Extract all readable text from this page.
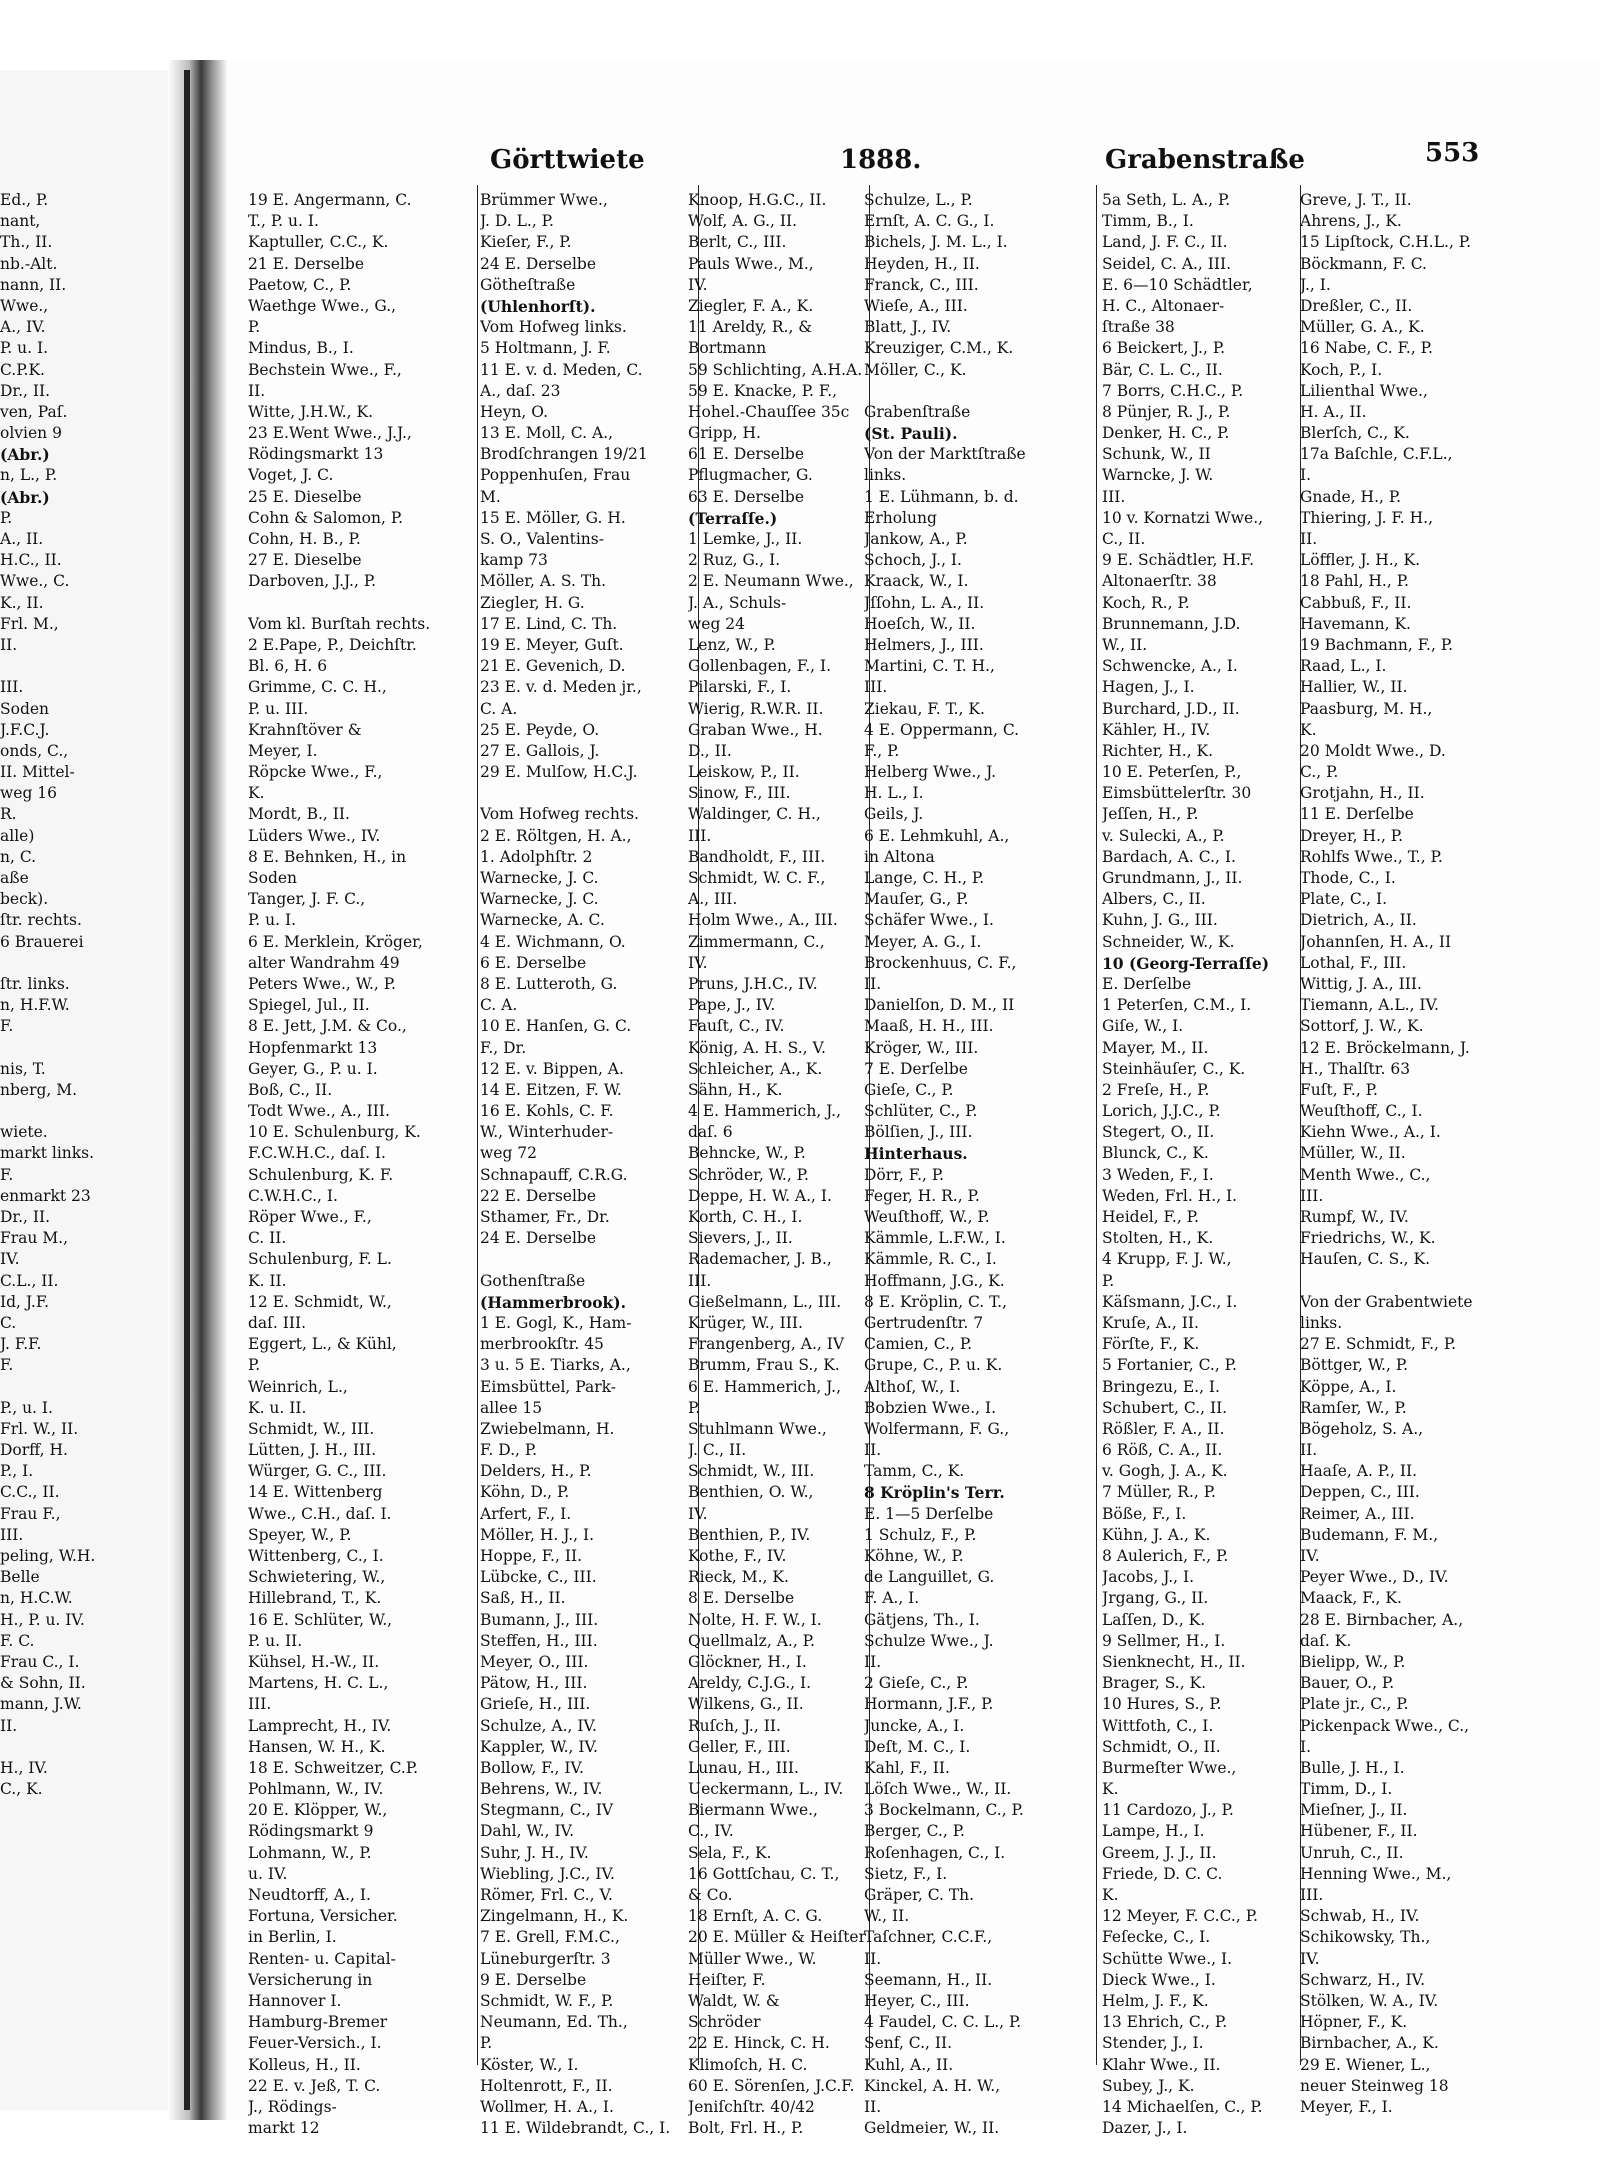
Görttwiete	1888.	Grabenstraße	553
Ed., P.
nant,
Th., II.
nb.-Alt.
nann, II.
Wwe.,
A., IV.
P. u. I.
C.P.K.
Dr., II.
ven, Paſ.
olvien 9
(Abr.)
n, L., P.
(Abr.)
P.
A., II.
H.C., II.
Wwe., C.
K., II.
Frl. M.,
II.
III.
Soden
J.F.C.J.
onds, C.,
II. Mittel-
weg 16
R.
alle)
n, C.
aße
beck).
ſtr. rechts.
6 Brauerei
ſtr. links.
n, H.F.W.
F.
nis, T.
nberg, M.
wiete.
markt links.
F.
enmarkt 23
Dr., II.
Frau M.,
IV.
C.L., II.
Id, J.F.
C.
J. F.F.
F.
P., u. I.
Frl. W., II.
Dorff, H.
P., I.
C.C., II.
Frau F.,
III.
peling, W.H.
Belle
n, H.C.W.
H., P. u. IV.
F. C.
Frau C., I.
& Sohn, II.
mann, J.W.
II.
H., IV.
C., K.
19 E. Angermann, C.
T., P. u. I.
Kaptuller, C.C., K.
21 E. Derselbe
Paetow, C., P.
Waethge Wwe., G.,
P.
Mindus, B., I.
Bechstein Wwe., F.,
II.
Witte, J.H.W., K.
23 E.Went Wwe., J.J.,
Rödingsmarkt 13
Voget, J. C.
25 E. Dieselbe
Cohn & Salomon, P.
Cohn, H. B., P.
27 E. Dieselbe
Darboven, J.J., P.
Vom kl. Burſtah rechts.
2 E.Pape, P., Deichſtr.
Bl. 6, H. 6
Grimme, C. C. H.,
P. u. III.
Krahnſtöver &
Meyer, I.
Röpcke Wwe., F.,
K.
Mordt, B., II.
Lüders Wwe., IV.
8 E. Behnken, H., in
Soden
Tanger, J. F. C.,
P. u. I.
6 E. Merklein, Kröger,
alter Wandrahm 49
Peters Wwe., W., P.
Spiegel, Jul., II.
8 E. Jett, J.M. & Co.,
Hopfenmarkt 13
Geyer, G., P. u. I.
Boß, C., II.
Todt Wwe., A., III.
10 E. Schulenburg, K.
F.C.W.H.C., daſ. I.
Schulenburg, K. F.
C.W.H.C., I.
Röper Wwe., F.,
C. II.
Schulenburg, F. L.
K. II.
12 E. Schmidt, W.,
daſ. III.
Eggert, L., & Kühl,
P.
Weinrich, L.,
K. u. II.
Schmidt, W., III.
Lütten, J. H., III.
Würger, G. C., III.
14 E. Wittenberg
Wwe., C.H., daſ. I.
Speyer, W., P.
Wittenberg, C., I.
Schwietering, W.,
Hillebrand, T., K.
16 E. Schlüter, W.,
P. u. II.
Kühsel, H.-W., II.
Martens, H. C. L.,
III.
Lamprecht, H., IV.
Hansen, W. H., K.
18 E. Schweitzer, C.P.
Pohlmann, W., IV.
20 E. Klöpper, W.,
Rödingsmarkt 9
Lohmann, W., P.
u. IV.
Neudtorff, A., I.
Fortuna, Versicher.
in Berlin, I.
Renten- u. Capital-
Versicherung in
Hannover I.
Hamburg-Bremer
Feuer-Versich., I.
Kolleus, H., II.
22 E. v. Jeß, T. C.
J., Rödings-
markt 12
Brümmer Wwe.,
J. D. L., P.
Kieſer, F., P.
24 E. Derselbe
Götheſtraße
(Uhlenhorſt).
Vom Hofweg links.
5 Holtmann, J. F.
11 E. v. d. Meden, C.
A., daſ. 23
Heyn, O.
13 E. Moll, C. A.,
Brodſchrangen 19/21
Poppenhuſen, Frau
M.
15 E. Möller, G. H.
S. O., Valentins-
kamp 73
Möller, A. S. Th.
Ziegler, H. G.
17 E. Lind, C. Th.
19 E. Meyer, Guſt.
21 E. Gevenich, D.
23 E. v. d. Meden jr.,
C. A.
25 E. Peyde, O.
27 E. Gallois, J.
29 E. Mulſow, H.C.J.
Vom Hofweg rechts.
2 E. Röltgen, H. A.,
1. Adolphſtr. 2
Warnecke, J. C.
Warnecke, J. C.
Warnecke, A. C.
4 E. Wichmann, O.
6 E. Derselbe
8 E. Lutteroth, G.
C. A.
10 E. Hanſen, G. C.
F., Dr.
12 E. v. Bippen, A.
14 E. Eitzen, F. W.
16 E. Kohls, C. F.
W., Winterhuder-
weg 72
Schnapauff, C.R.G.
22 E. Derselbe
Sthamer, Fr., Dr.
24 E. Derselbe
Gothenſtraße
(Hammerbrook).
1 E. Gogl, K., Ham-
merbrookſtr. 45
3 u. 5 E. Tiarks, A.,
Eimsbüttel, Park-
allee 15
Zwiebelmann, H.
F. D., P.
Delders, H., P.
Köhn, D., P.
Arfert, F., I.
Möller, H. J., I.
Hoppe, F., II.
Lübcke, C., III.
Saß, H., II.
Bumann, J., III.
Steffen, H., III.
Meyer, O., III.
Pätow, H., III.
Grieſe, H., III.
Schulze, A., IV.
Kappler, W., IV.
Bollow, F., IV.
Behrens, W., IV.
Stegmann, C., IV
Dahl, W., IV.
Suhr, J. H., IV.
Wiebling, J.C., IV.
Römer, Frl. C., V.
Zingelmann, H., K.
7 E. Grell, F.M.C.,
Lüneburgerſtr. 3
9 E. Derselbe
Schmidt, W. F., P.
Neumann, Ed. Th.,
P.
Köster, W., I.
Holtenrott, F., II.
Wollmer, H. A., I.
11 E. Wildebrandt, C., I.
Knoop, H.G.C., II.
Wolf, A. G., II.
Berlt, C., III.
Pauls Wwe., M.,
IV.
Ziegler, F. A., K.
11 Areldy, R., &
Bortmann
59 Schlichting, A.H.A.
59 E. Knacke, P. F.,
Hohel.-Chauſſee 35c
Gripp, H.
61 E. Derselbe
Pflugmacher, G.
63 E. Derselbe
(Terraſſe.)
1 Lemke, J., II.
2 Ruz, G., I.
2 E. Neumann Wwe.,
J. A., Schuls-
weg 24
Lenz, W., P.
Gollenbagen, F., I.
Pilarski, F., I.
Wierig, R.W.R. II.
Graban Wwe., H.
D., II.
Leiskow, P., II.
Sinow, F., III.
Waldinger, C. H.,
III.
Bandholdt, F., III.
Schmidt, W. C. F.,
A., III.
Holm Wwe., A., III.
Zimmermann, C.,
IV.
Pruns, J.H.C., IV.
Pape, J., IV.
Fauſt, C., IV.
König, A. H. S., V.
Schleicher, A., K.
Sähn, H., K.
4 E. Hammerich, J.,
daſ. 6
Behncke, W., P.
Schröder, W., P.
Deppe, H. W. A., I.
Korth, C. H., I.
Sievers, J., II.
Rademacher, J. B.,
III.
Gießelmann, L., III.
Krüger, W., III.
Frangenberg, A., IV
Brumm, Frau S., K.
6 E. Hammerich, J.,
P.
Stuhlmann Wwe.,
J. C., II.
Schmidt, W., III.
Benthien, O. W.,
IV.
Benthien, P., IV.
Kothe, F., IV.
Rieck, M., K.
8 E. Derselbe
Nolte, H. F. W., I.
Quellmalz, A., P.
Glöckner, H., I.
Areldy, C.J.G., I.
Wilkens, G., II.
Ruſch, J., II.
Geller, F., III.
Lunau, H., III.
Ueckermann, L., IV.
Biermann Wwe.,
C., IV.
Sela, F., K.
16 Gottſchau, C. T.,
& Co.
18 Ernſt, A. C. G.
20 E. Müller & Heiſter
Müller Wwe., W.
Heiſter, F.
Waldt, W. &
Schröder
22 E. Hinck, C. H.
Klimoſch, H. C.
60 E. Sörenſen, J.C.F.
Jeniſchſtr. 40/42
Bolt, Frl. H., P.
Schulze, L., P.
Ernſt, A. C. G., I.
Bichels, J. M. L., I.
Heyden, H., II.
Franck, C., III.
Wieſe, A., III.
Blatt, J., IV.
Kreuziger, C.M., K.
Möller, C., K.
Grabenſtraße
(St. Pauli).
Von der Marktſtraße
links.
1 E. Lühmann, b. d.
Erholung
Jankow, A., P.
Schoch, J., I.
Kraack, W., I.
Jſſohn, L. A., II.
Hoeſch, W., II.
Helmers, J., III.
Martini, C. T. H.,
III.
Ziekau, F. T., K.
4 E. Oppermann, C.
F., P.
Helberg Wwe., J.
H. L., I.
Geils, J.
6 E. Lehmkuhl, A.,
in Altona
Lange, C. H., P.
Mauſer, G., P.
Schäfer Wwe., I.
Meyer, A. G., I.
Brockenhuus, C. F.,
II.
Danielſon, D. M., II
Maaß, H. H., III.
Kröger, W., III.
7 E. Derſelbe
Gieſe, C., P.
Schlüter, C., P.
Bölſien, J., III.
Hinterhaus.
Dörr, F., P.
Feger, H. R., P.
Weuſthoff, W., P.
Kämmle, L.F.W., I.
Kämmle, R. C., I.
Hoffmann, J.G., K.
8 E. Kröplin, C. T.,
Gertrudenſtr. 7
Camien, C., P.
Grupe, C., P. u. K.
Althoſ, W., I.
Bobzien Wwe., I.
Wolfermann, F. G.,
II.
Tamm, C., K.
8 Kröplin's Terr.
E. 1—5 Derſelbe
1 Schulz, F., P.
Köhne, W., P.
de Languillet, G.
F. A., I.
Gätjens, Th., I.
Schulze Wwe., J.
II.
2 Gieſe, C., P.
Hormann, J.F., P.
Juncke, A., I.
Deſt, M. C., I.
Kahl, F., II.
Löſch Wwe., W., II.
3 Bockelmann, C., P.
Berger, C., P.
Roſenhagen, C., I.
Sietz, F., I.
Gräper, C. Th.
W., II.
Taſchner, C.C.F.,
II.
Seemann, H., II.
Heyer, C., III.
4 Faudel, C. C. L., P.
Senf, C., II.
Kuhl, A., II.
Kinckel, A. H. W.,
II.
Geldmeier, W., II.
5a Seth, L. A., P.
Timm, B., I.
Land, J. F. C., II.
Seidel, C. A., III.
E. 6—10 Schädtler,
H. C., Altonaer-
ſtraße 38
6 Beickert, J., P.
Bär, C. L. C., II.
7 Borrs, C.H.C., P.
8 Pünjer, R. J., P.
Denker, H. C., P.
Schunk, W., II
Warncke, J. W.
III.
10 v. Kornatzi Wwe.,
C., II.
9 E. Schädtler, H.F.
Altonaerſtr. 38
Koch, R., P.
Brunnemann, J.D.
W., II.
Schwencke, A., I.
Hagen, J., I.
Burchard, J.D., II.
Kähler, H., IV.
Richter, H., K.
10 E. Peterſen, P.,
Eimsbüttelerſtr. 30
Jeſſen, H., P.
v. Sulecki, A., P.
Bardach, A. C., I.
Grundmann, J., II.
Albers, C., II.
Kuhn, J. G., III.
Schneider, W., K.
10 (Georg-Terraſſe)
E. Derſelbe
1 Peterſen, C.M., I.
Giſe, W., I.
Mayer, M., II.
Steinhäuſer, C., K.
2 Freſe, H., P.
Lorich, J.J.C., P.
Stegert, O., II.
Blunck, C., K.
3 Weden, F., I.
Weden, Frl. H., I.
Heidel, F., P.
Stolten, H., K.
4 Krupp, F. J. W.,
P.
Käſsmann, J.C., I.
Kruſe, A., II.
Förſte, F., K.
5 Fortanier, C., P.
Bringezu, E., I.
Schubert, C., II.
Rößler, F. A., II.
6 Röß, C. A., II.
v. Gogh, J. A., K.
7 Müller, R., P.
Böße, F., I.
Kühn, J. A., K.
8 Aulerich, F., P.
Jacobs, J., I.
Jrgang, G., II.
Laſſen, D., K.
9 Sellmer, H., I.
Sienknecht, H., II.
Brager, S., K.
10 Hures, S., P.
Wittfoth, C., I.
Schmidt, O., II.
Burmeſter Wwe.,
K.
11 Cardozo, J., P.
Lampe, H., I.
Greem, J. J., II.
Friede, D. C. C.
K.
12 Meyer, F. C.C., P.
Feſecke, C., I.
Schütte Wwe., I.
Dieck Wwe., I.
Helm, J. F., K.
13 Ehrich, C., P.
Stender, J., I.
Klahr Wwe., II.
Subey, J., K.
14 Michaelſen, C., P.
Dazer, J., I.
Greve, J. T., II.
Ahrens, J., K.
15 Lipſtock, C.H.L., P.
Böckmann, F. C.
J., I.
Dreßler, C., II.
Müller, G. A., K.
16 Nabe, C. F., P.
Koch, P., I.
Lilienthal Wwe.,
H. A., II.
Blerſch, C., K.
17a Baſchle, C.F.L.,
I.
Gnade, H., P.
Thiering, J. F. H.,
II.
Löffler, J. H., K.
18 Pahl, H., P.
Cabbuß, F., II.
Havemann, K.
19 Bachmann, F., P.
Raad, L., I.
Hallier, W., II.
Paasburg, M. H.,
K.
20 Moldt Wwe., D.
C., P.
Grotjahn, H., II.
11 E. Derſelbe
Dreyer, H., P.
Rohlfs Wwe., T., P.
Thode, C., I.
Plate, C., I.
Dietrich, A., II.
Johannſen, H. A., II
Lothal, F., III.
Wittig, J. A., III.
Tiemann, A.L., IV.
Sottorf, J. W., K.
12 E. Bröckelmann, J.
H., Thalſtr. 63
Fuſt, F., P.
Weuſthoff, C., I.
Kiehn Wwe., A., I.
Müller, W., II.
Menth Wwe., C.,
III.
Rumpf, W., IV.
Friedrichs, W., K.
Hauſen, C. S., K.
Von der Grabentwiete
links.
27 E. Schmidt, F., P.
Böttger, W., P.
Köppe, A., I.
Ramſer, W., P.
Bögeholz, S. A.,
II.
Haaſe, A. P., II.
Deppen, C., III.
Reimer, A., III.
Budemann, F. M.,
IV.
Peyer Wwe., D., IV.
Maack, F., K.
28 E. Birnbacher, A.,
daſ. K.
Bielipp, W., P.
Bauer, O., P.
Plate jr., C., P.
Pickenpack Wwe., C.,
I.
Bulle, J. H., I.
Timm, D., I.
Mieſner, J., II.
Hübener, F., II.
Unruh, C., II.
Henning Wwe., M.,
III.
Schwab, H., IV.
Schikowsky, Th.,
IV.
Schwarz, H., IV.
Stölken, W. A., IV.
Höpner, F., K.
Birnbacher, A., K.
29 E. Wiener, L.,
neuer Steinweg 18
Meyer, F., I.
